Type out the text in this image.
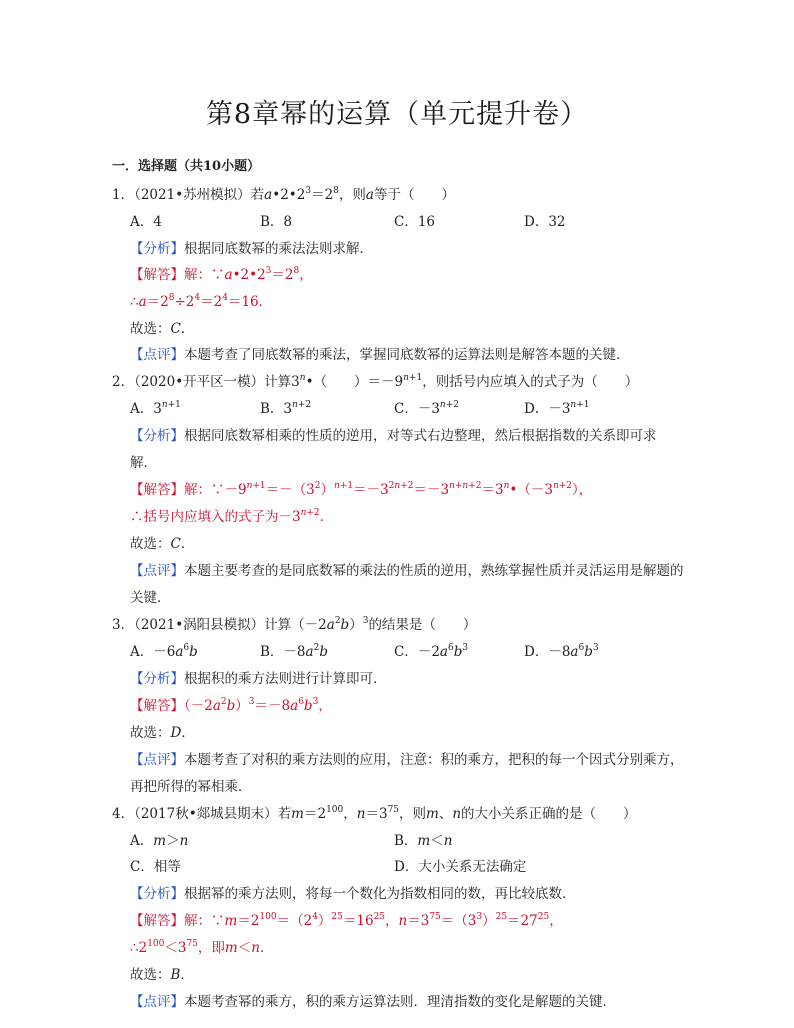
第8章幂的运算（单元提升卷）
一．选择题（共10小题）
1．（2021•苏州模拟）若$a•2•2^3=2^8$，则a等于（　　）
A．4	B．8	C．16	D．32
【分析】根据同底数幂的乘法法则求解．
【解答】解：$\because a•2•2^3=2^8$，
$\therefore a=2^8\div 2^4=2^4=16$．
故选：C．
【点评】本题考查了同底数幂的乘法，掌握同底数幂的运算法则是解答本题的关键．
2．（2020•开平区一模）计算3$^n$•（　　）$=-9^{n+1}$，则括号内应填入的式子为（　　）
A．$3^{n+1}$	B．$3^{n+2}$	C．$-3^{n+2}$	D．$-3^{n+1}$
【分析】根据同底数幂相乘的性质的逆用，对等式右边整理，然后根据指数的关系即可求
解．
【解答】解：$\because-9^{n+1}=-(3^2)^{n+1}=-3^{2n+2}=-3^{n+n+2}=3^n•(-3^{n+2})$，
∴括号内应填入的式子为$-3^{n+2}$．
故选：C．
【点评】本题主要考查的是同底数幂的乘法的性质的逆用，熟练掌握性质并灵活运用是解题的
关键．
3．（2021•涡阳县模拟）计算$(-2a^2b)^3$的结果是（　　）
A．$-6a^6b$	B．$-8a^2b$	C．$-2a^6b^3$	D．$-8a^6b^3$
【分析】根据积的乘方法则进行计算即可．
【解答】$(-2a^2b)^3=-8a^6b^3$，
故选：D．
【点评】本题考查了对积的乘方法则的应用，注意：积的乘方，把积的每一个因式分别乘方，
再把所得的幂相乘．
4．（2017秋•郯城县期末）若$m=2^{100}$，$n=3^{75}$，则m、n的大小关系正确的是（　　）
A．m＞n	B．m＜n
C．相等	D．大小关系无法确定
【分析】根据幂的乘方法则，将每一个数化为指数相同的数，再比较底数．
【解答】解：$\because m=2^{100}=(2^4)^{25}=16^{25}$，$n=3^{75}=(3^3)^{25}=27^{25}$，
$\therefore 2^{100}<3^{75}$，即m＜n．
故选：B．
【点评】本题考查幂的乘方，积的乘方运算法则．理清指数的变化是解题的关键．
